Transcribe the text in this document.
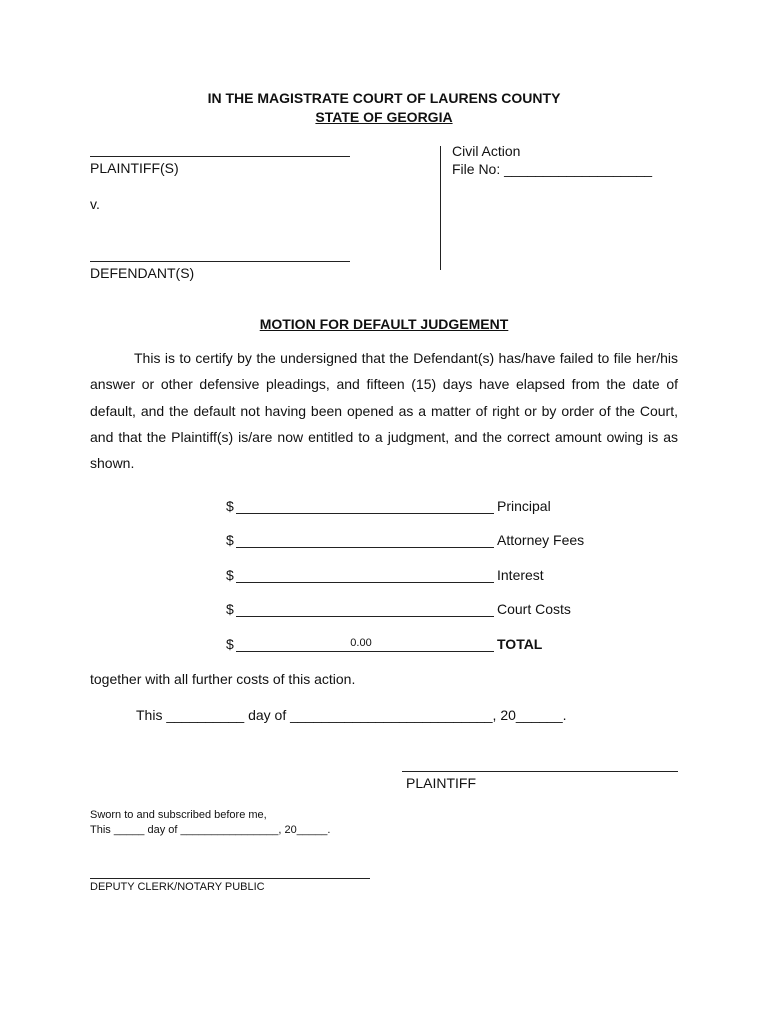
IN THE MAGISTRATE COURT OF LAURENS COUNTY
STATE OF GEORGIA
PLAINTIFF(S)
v.
DEFENDANT(S)
Civil Action
File No: ___________________
MOTION FOR DEFAULT JUDGEMENT
This is to certify by the undersigned that the Defendant(s) has/have failed to file her/his answer or other defensive pleadings, and fifteen (15) days have elapsed from the date of default, and the default not having been opened as a matter of right or by order of the Court, and that the Plaintiff(s) is/are now entitled to a judgment, and the correct amount owing is as shown.
$	Principal
$	Attorney Fees
$	Interest
$	Court Costs
$	0.00	TOTAL
together with all further costs of this action.
This __________ day of __________________________, 20______.
PLAINTIFF
Sworn to and subscribed before me,
This _____ day of ________________, 20_____.
DEPUTY CLERK/NOTARY PUBLIC
